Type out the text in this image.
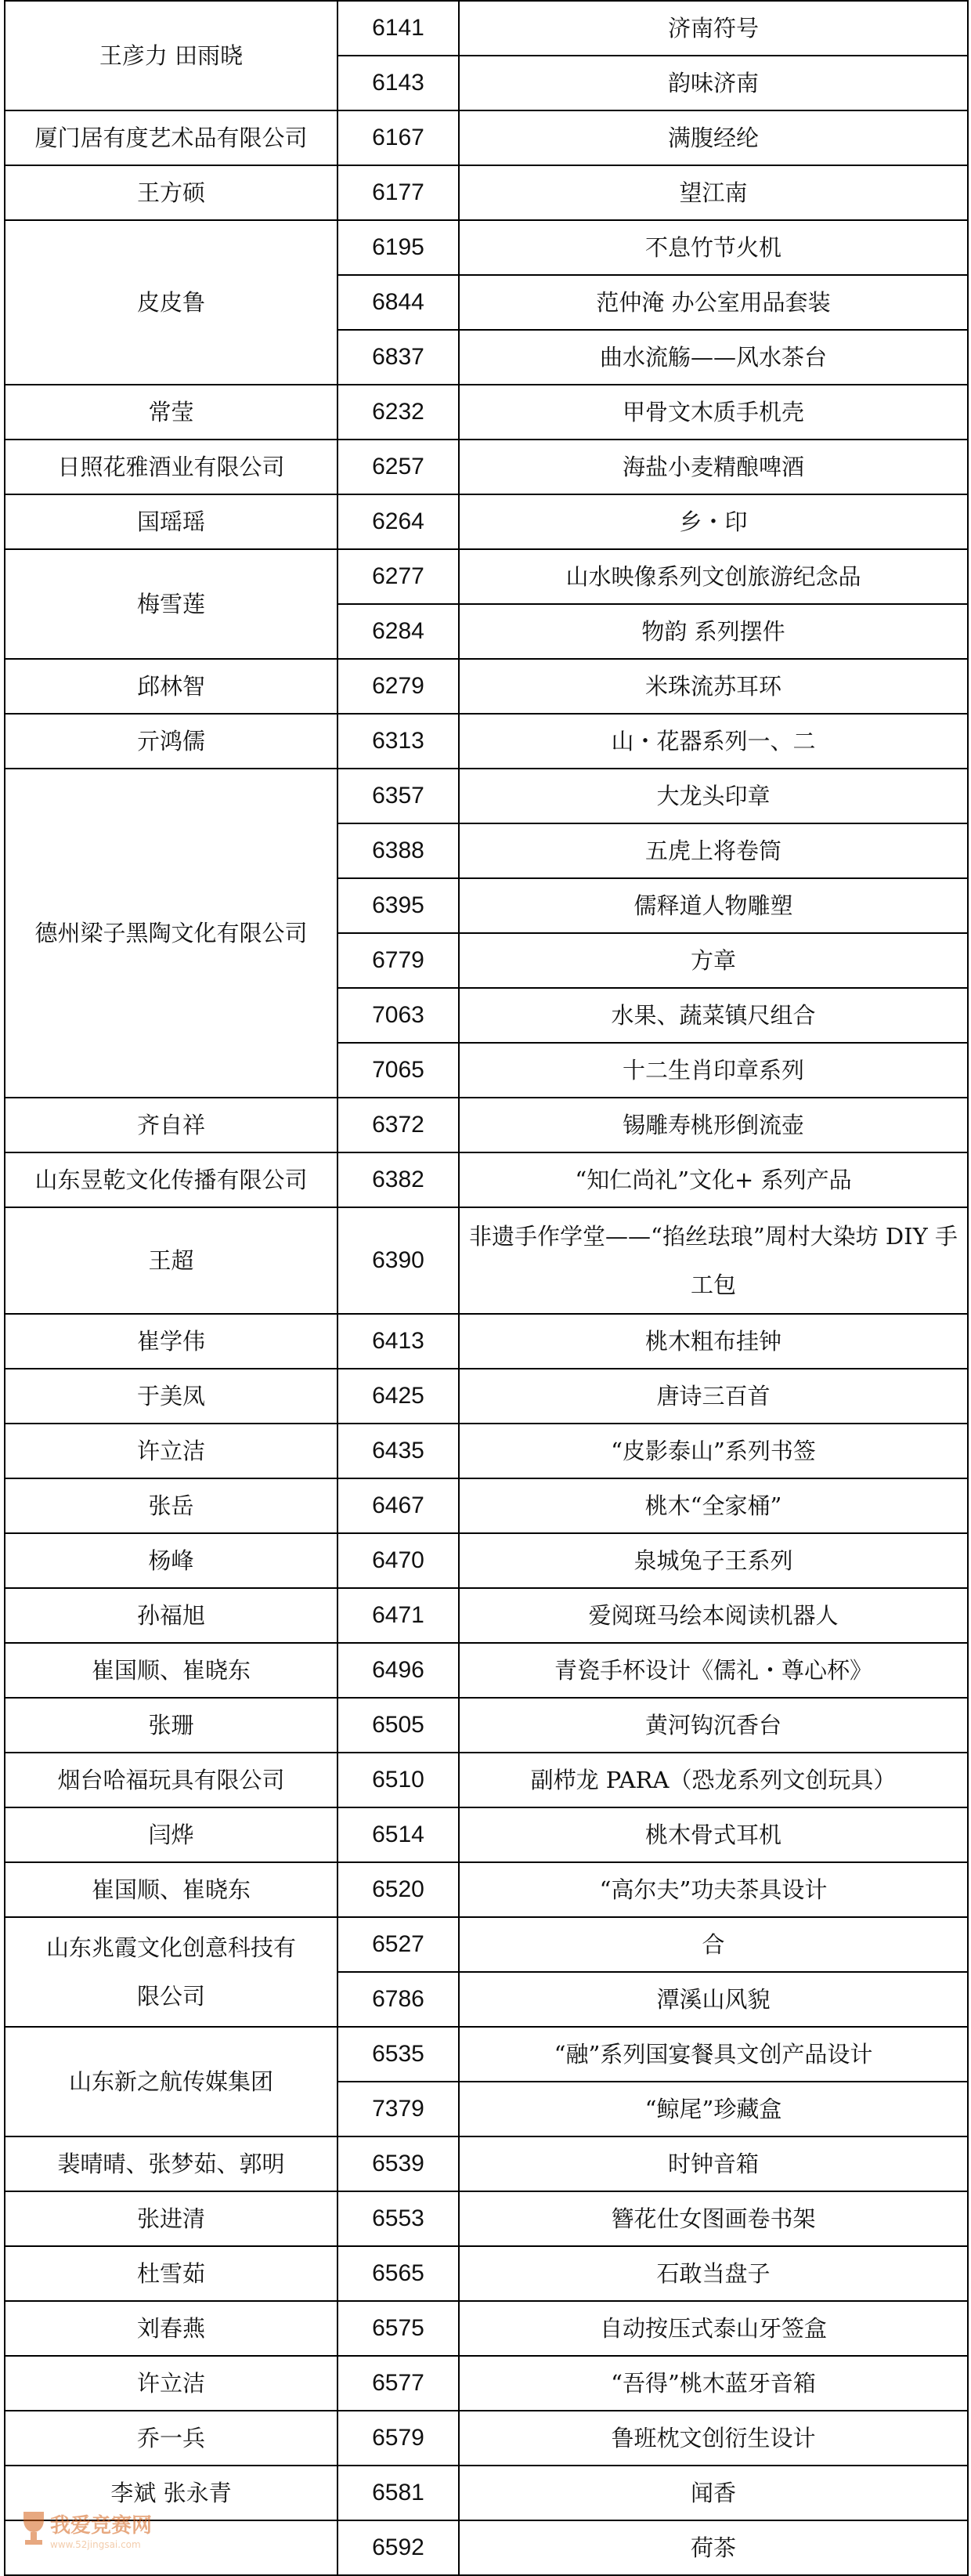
王彦力 田雨晓	6141	济南符号
	6143	韵味济南
厦门居有度艺术品有限公司	6167	满腹经纶
王方硕	6177	望江南
皮皮鲁	6195	不息竹节火机
	6844	范仲淹 办公室用品套装
	6837	曲水流觞——风水茶台
常莹	6232	甲骨文木质手机壳
日照花雅酒业有限公司	6257	海盐小麦精酿啤酒
国瑶瑶	6264	乡・印
梅雪莲	6277	山水映像系列文创旅游纪念品
	6284	物韵 系列摆件
邱林智	6279	米珠流苏耳环
亓鸿儒	6313	山・花器系列一、二
德州梁子黑陶文化有限公司	6357	大龙头印章
	6388	五虎上将卷筒
	6395	儒释道人物雕塑
	6779	方章
	7063	水果、蔬菜镇尺组合
	7065	十二生肖印章系列
齐自祥	6372	锡雕寿桃形倒流壶
山东昱乾文化传播有限公司	6382	“知仁尚礼”文化+ 系列产品
王超	6390	非遗手作学堂——“掐丝珐琅”周村大染坊 DIY 手工包
崔学伟	6413	桃木粗布挂钟
于美凤	6425	唐诗三百首
许立洁	6435	“皮影泰山”系列书签
张岳	6467	桃木“全家桶”
杨峰	6470	泉城兔子王系列
孙福旭	6471	爱阅斑马绘本阅读机器人
崔国顺、崔晓东	6496	青瓷手杯设计《儒礼・尊心杯》
张珊	6505	黄河钩沉香台
烟台哈福玩具有限公司	6510	副栉龙 PARA（恐龙系列文创玩具）
闫烨	6514	桃木骨式耳机
崔国顺、崔晓东	6520	“高尔夫”功夫茶具设计
山东兆霞文化创意科技有限公司	6527	合
	6786	潭溪山风貌
山东新之航传媒集团	6535	“融”系列国宴餐具文创产品设计
	7379	“鲸尾”珍藏盒
裴晴晴、张梦茹、郭明	6539	时钟音箱
张进清	6553	簪花仕女图画卷书架
杜雪茹	6565	石敢当盘子
刘春燕	6575	自动按压式泰山牙签盒
许立洁	6577	“吾得”桃木蓝牙音箱
乔一兵	6579	鲁班枕文创衍生设计
李斌 张永青	6581	闻香
	6592	荷茶
我爱竞赛网
www.52jingsai.com
